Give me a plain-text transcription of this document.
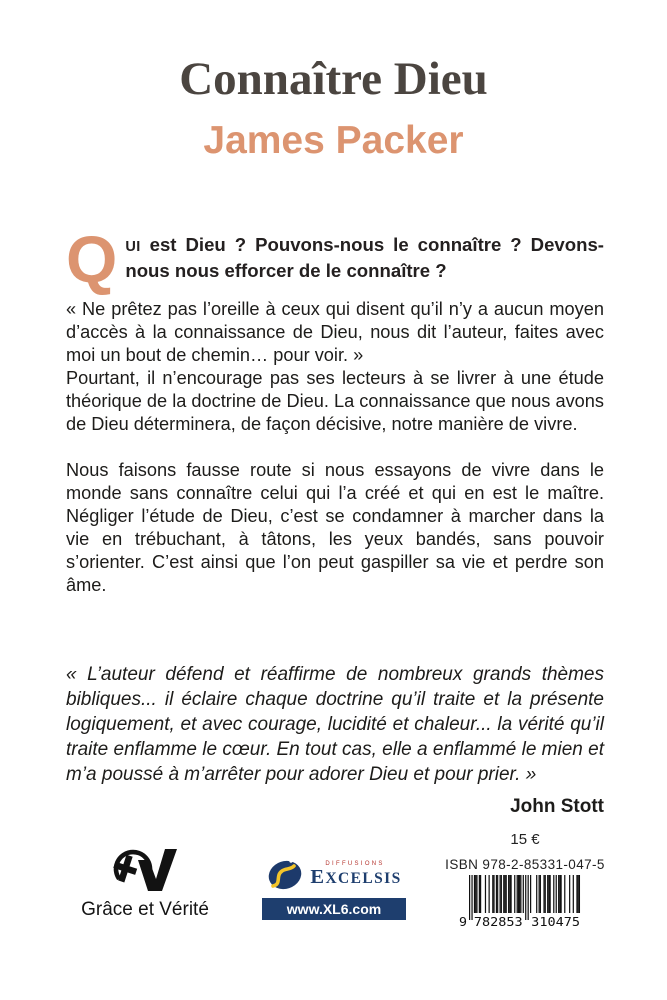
Connaître Dieu
James Packer

QUI est Dieu ? Pouvons-nous le connaître ? Devons-nous nous efforcer de le connaître ?

« Ne prêtez pas l’oreille à ceux qui disent qu’il n’y a aucun moyen d’accès à la connaissance de Dieu, nous dit l’auteur, faites avec moi un bout de chemin… pour voir. »

Pourtant, il n’encourage pas ses lecteurs à se livrer à une étude théorique de la doctrine de Dieu. La connaissance que nous avons de Dieu déterminera, de façon décisive, notre manière de vivre.

Nous faisons fausse route si nous essayons de vivre dans le monde sans connaître celui qui l’a créé et qui en est le maître. Négliger l’étude de Dieu, c’est se condamner à marcher dans la vie en trébuchant, à tâtons, les yeux bandés, sans pouvoir s’orienter. C’est ainsi que l’on peut gaspiller sa vie et perdre son âme.

« L’auteur défend et réaffirme de nombreux grands thèmes bibliques... il éclaire chaque doctrine qu’il traite et la présente logiquement, et avec courage, lucidité et chaleur... la vérité qu’il traite enflamme le cœur. En tout cas, elle a enflammé le mien et m’a poussé à m’arrêter pour adorer Dieu et pour prier. »

John Stott

Grâce et Vérité
DIFFUSIONS
EXCELSIS
www.XL6.com
15 €
ISBN 978-2-85331-047-5
9 782853 310475
